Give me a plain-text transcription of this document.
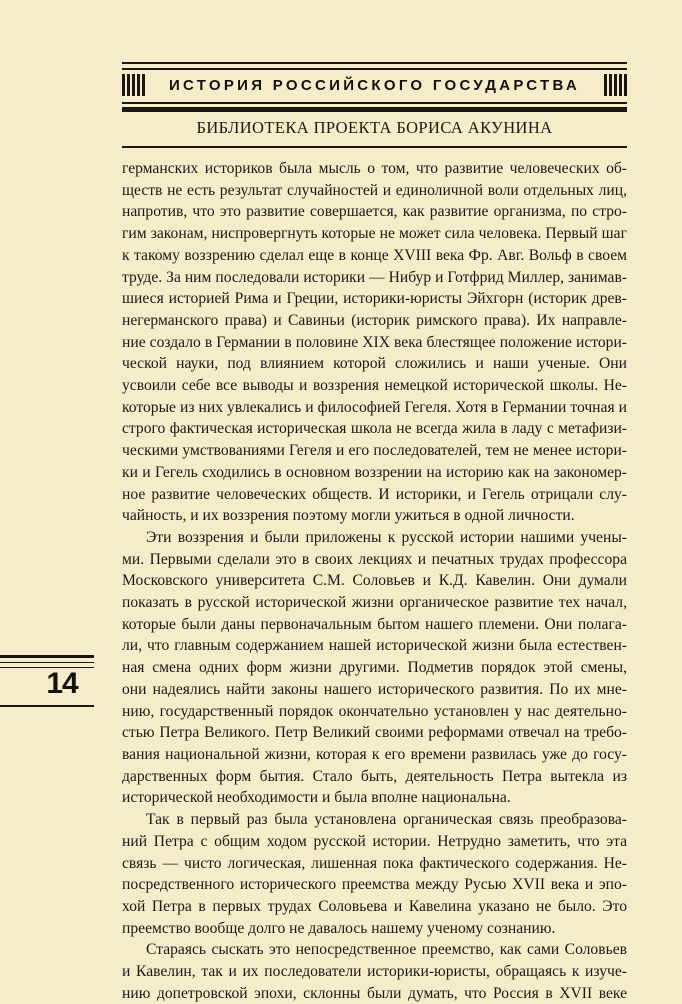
ИСТОРИЯ РОССИЙСКОГО ГОСУДАРСТВА
БИБЛИОТЕКА ПРОЕКТА БОРИСА АКУНИНА
германских историков была мысль о том, что развитие человеческих об-
ществ не есть результат случайностей и единоличной воли отдельных лиц,
напротив, что это развитие совершается, как развитие организма, по стро-
гим законам, ниспровергнуть которые не может сила человека. Первый шаг
к такому воззрению сделал еще в конце XVIII века Фр. Авг. Вольф в своем
труде. За ним последовали историки — Нибур и Готфрид Миллер, занимав-
шиеся историей Рима и Греции, историки-юристы Эйхгорн (историк древ-
негерманского права) и Савиньи (историк римского права). Их направле-
ние создало в Германии в половине XIX века блестящее положение истори-
ческой науки, под влиянием которой сложились и наши ученые. Они
усвоили себе все выводы и воззрения немецкой исторической школы. Не-
которые из них увлекались и философией Гегеля. Хотя в Германии точная и
строго фактическая историческая школа не всегда жила в ладу с метафизи-
ческими умствованиями Гегеля и его последователей, тем не менее истори-
ки и Гегель сходились в основном воззрении на историю как на закономер-
ное развитие человеческих обществ. И историки, и Гегель отрицали слу-
чайность, и их воззрения поэтому могли ужиться в одной личности.
Эти воззрения и были приложены к русской истории нашими учены-
ми. Первыми сделали это в своих лекциях и печатных трудах профессора
Московского университета С.М. Соловьев и К.Д. Кавелин. Они думали
показать в русской исторической жизни органическое развитие тех начал,
которые были даны первоначальным бытом нашего племени. Они полага-
ли, что главным содержанием нашей исторической жизни была естествен-
ная смена одних форм жизни другими. Подметив порядок этой смены,
они надеялись найти законы нашего исторического развития. По их мне-
нию, государственный порядок окончательно установлен у нас деятельно-
стью Петра Великого. Петр Великий своими реформами отвечал на требо-
вания национальной жизни, которая к его времени развилась уже до госу-
дарственных форм бытия. Стало быть, деятельность Петра вытекла из
исторической необходимости и была вполне национальна.
Так в первый раз была установлена органическая связь преобразова-
ний Петра с общим ходом русской истории. Нетрудно заметить, что эта
связь — чисто логическая, лишенная пока фактического содержания. Не-
посредственного исторического преемства между Русью XVII века и эпо-
хой Петра в первых трудах Соловьева и Кавелина указано не было. Это
преемство вообще долго не давалось нашему ученому сознанию.
Стараясь сыскать это непосредственное преемство, как сами Соловьев
и Кавелин, так и их последователи историки-юристы, обращаясь к изуче-
нию допетровской эпохи, склонны были думать, что Россия в XVII веке
14
